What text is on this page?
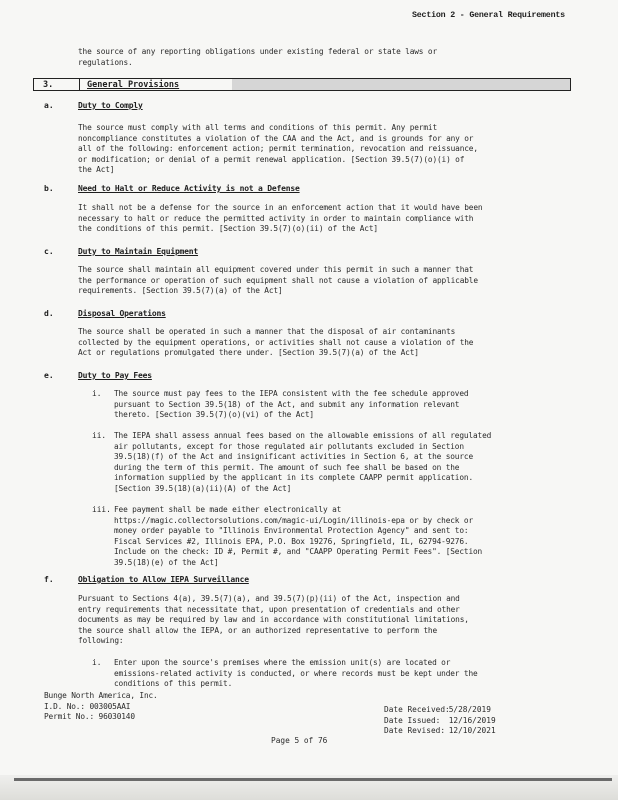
Section 2 - General Requirements
the source of any reporting obligations under existing federal or state laws or
regulations.
3.	General Provisions
a.	Duty to Comply
The source must comply with all terms and conditions of this permit. Any permit
noncompliance constitutes a violation of the CAA and the Act, and is grounds for any or
all of the following: enforcement action; permit termination, revocation and reissuance,
or modification; or denial of a permit renewal application. [Section 39.5(7)(o)(i) of
the Act]
b.	Need to Halt or Reduce Activity is not a Defense
It shall not be a defense for the source in an enforcement action that it would have been
necessary to halt or reduce the permitted activity in order to maintain compliance with
the conditions of this permit. [Section 39.5(7)(o)(ii) of the Act]
c.	Duty to Maintain Equipment
The source shall maintain all equipment covered under this permit in such a manner that
the performance or operation of such equipment shall not cause a violation of applicable
requirements. [Section 39.5(7)(a) of the Act]
d.	Disposal Operations
The source shall be operated in such a manner that the disposal of air contaminants
collected by the equipment operations, or activities shall not cause a violation of the
Act or regulations promulgated there under. [Section 39.5(7)(a) of the Act]
e.	Duty to Pay Fees
i. The source must pay fees to the IEPA consistent with the fee schedule approved
pursuant to Section 39.5(18) of the Act, and submit any information relevant
thereto. [Section 39.5(7)(o)(vi) of the Act]
ii. The IEPA shall assess annual fees based on the allowable emissions of all regulated
air pollutants, except for those regulated air pollutants excluded in Section
39.5(18)(f) of the Act and insignificant activities in Section 6, at the source
during the term of this permit. The amount of such fee shall be based on the
information supplied by the applicant in its complete CAAPP permit application.
[Section 39.5(18)(a)(ii)(A) of the Act]
iii. Fee payment shall be made either electronically at
https://magic.collectorsolutions.com/magic-ui/Login/illinois-epa or by check or
money order payable to "Illinois Environmental Protection Agency" and sent to:
Fiscal Services #2, Illinois EPA, P.O. Box 19276, Springfield, IL, 62794-9276.
Include on the check: ID #, Permit #, and "CAAPP Operating Permit Fees". [Section
39.5(18)(e) of the Act]
f.	Obligation to Allow IEPA Surveillance
Pursuant to Sections 4(a), 39.5(7)(a), and 39.5(7)(p)(ii) of the Act, inspection and
entry requirements that necessitate that, upon presentation of credentials and other
documents as may be required by law and in accordance with constitutional limitations,
the source shall allow the IEPA, or an authorized representative to perform the
following:
i. Enter upon the source's premises where the emission unit(s) are located or
emissions-related activity is conducted, or where records must be kept under the
conditions of this permit.
Bunge North America, Inc.
I.D. No.: 003005AAI
Permit No.: 96030140
Date Received: 5/28/2019
Date Issued: 12/16/2019
Date Revised: 12/10/2021
Page 5 of 76
